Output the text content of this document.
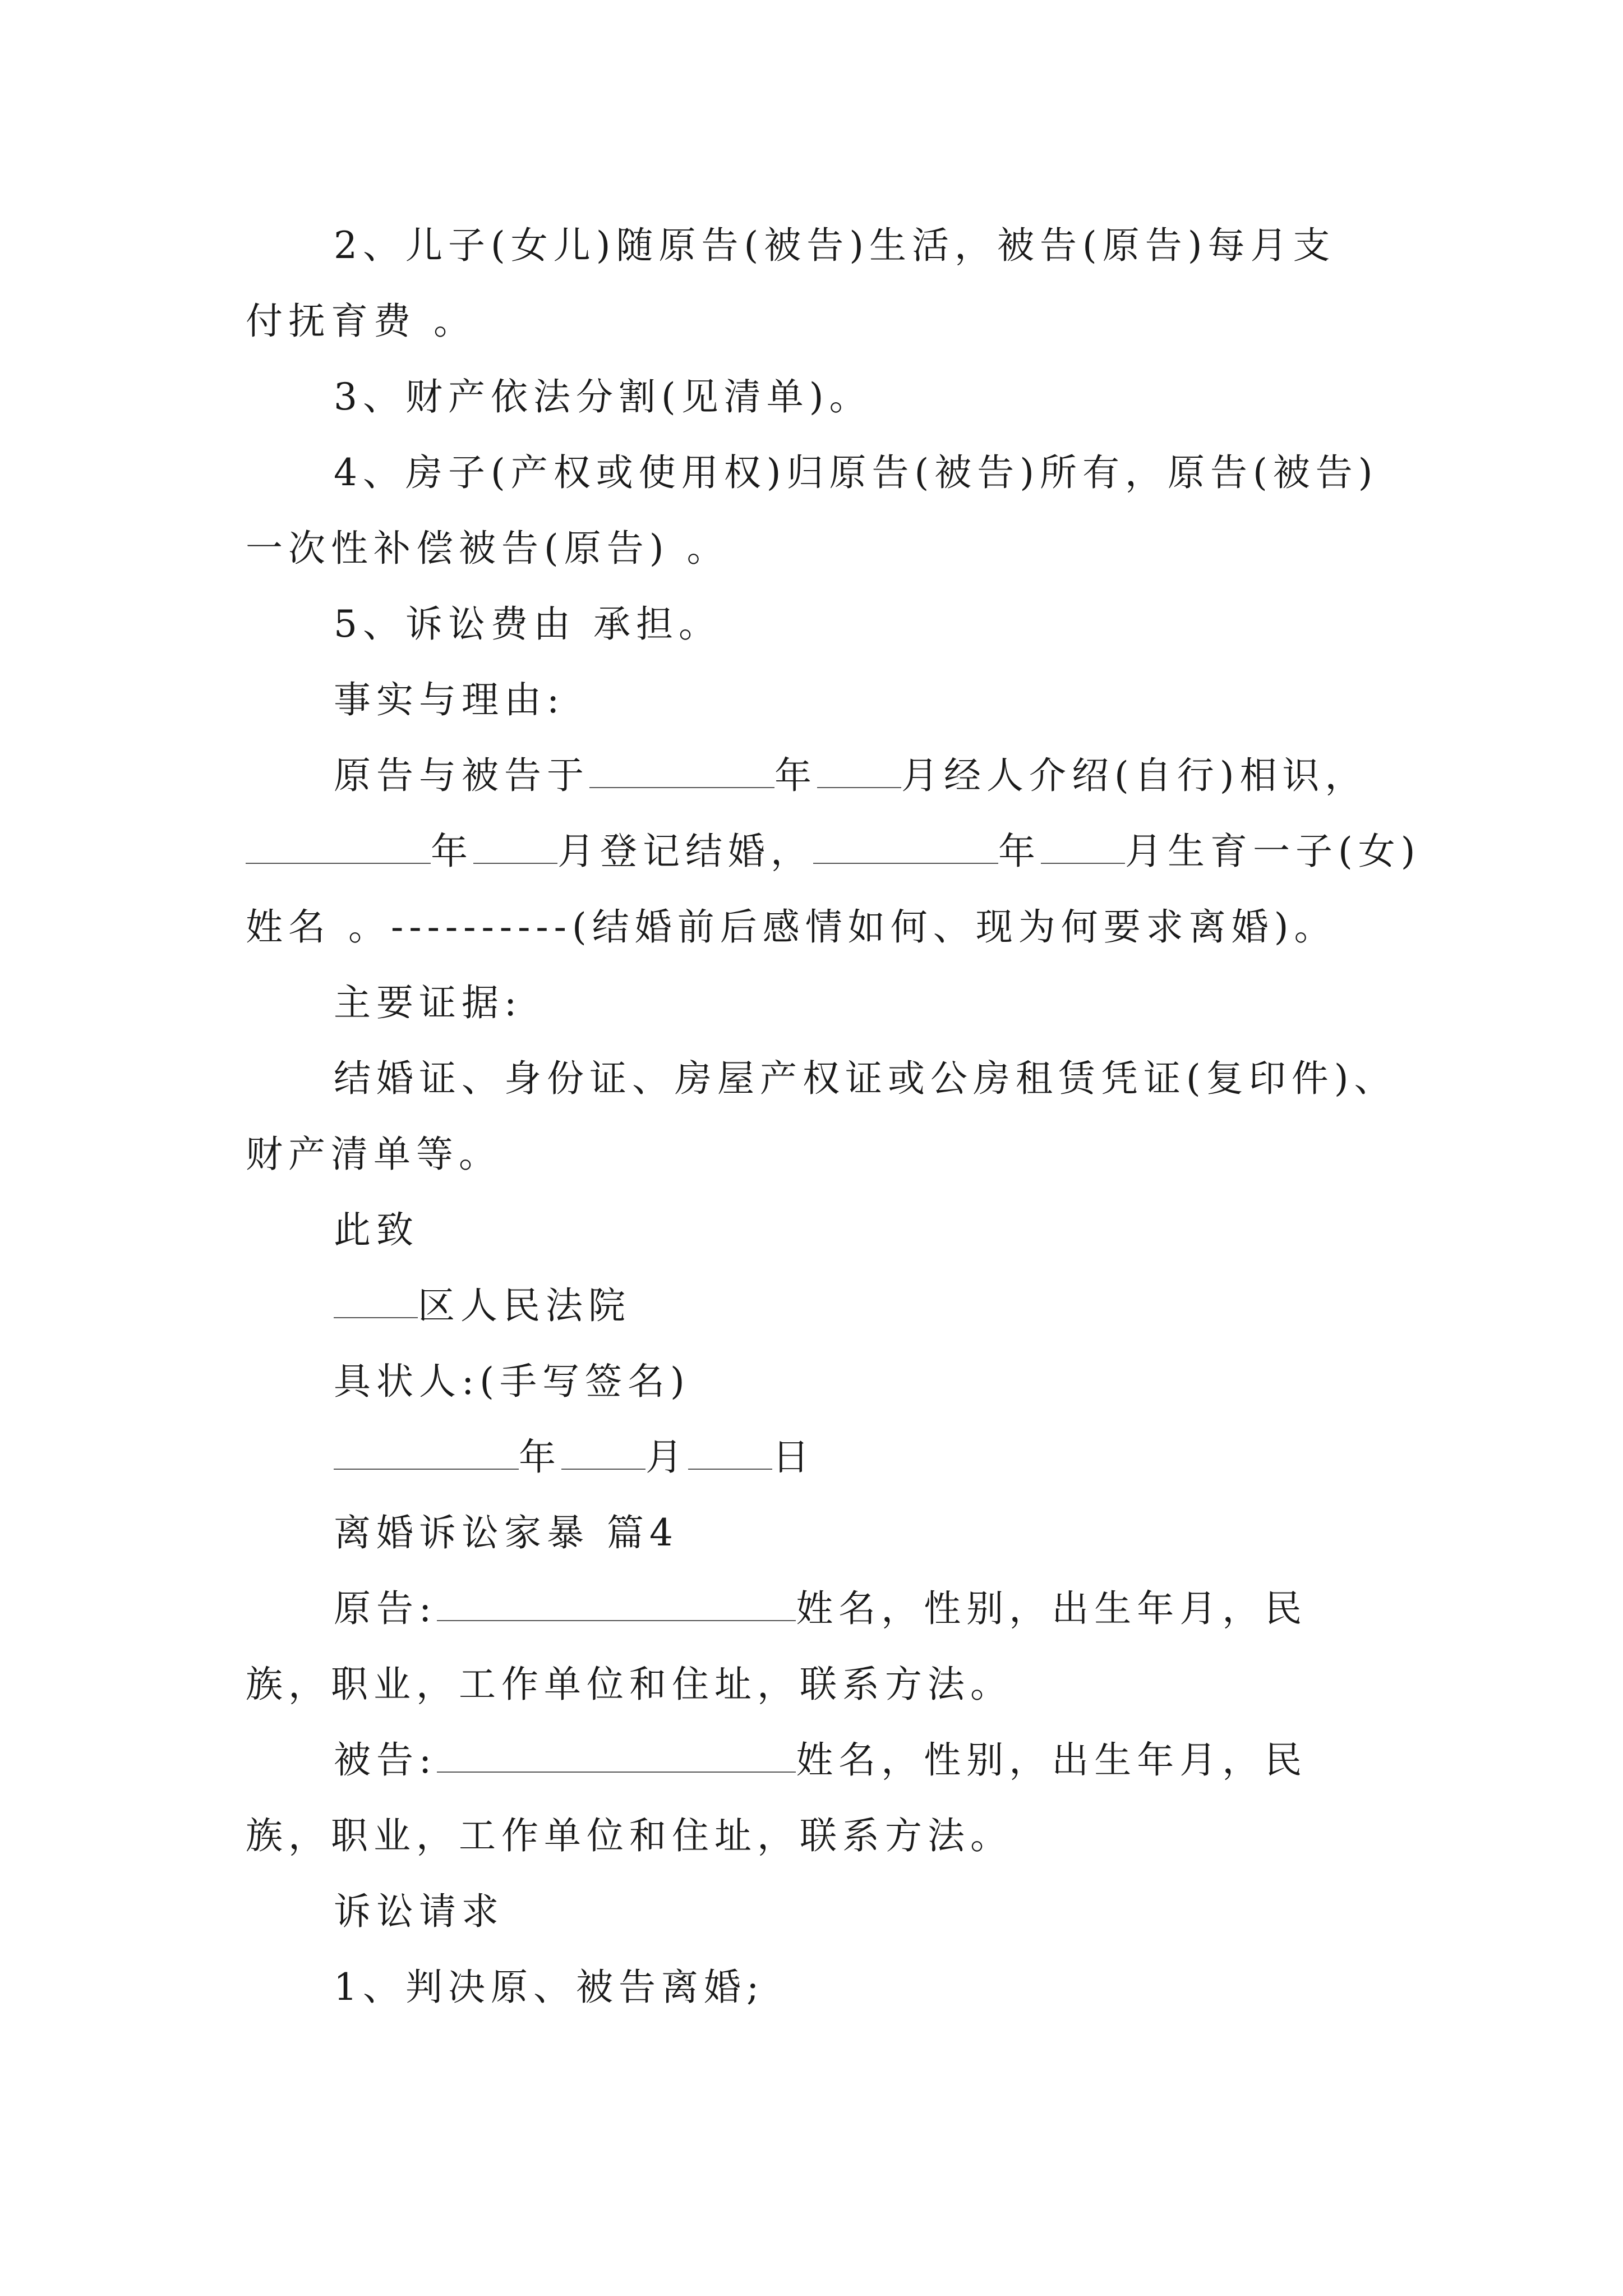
2、儿子(女儿)随原告(被告)生活，被告(原告)每月支
付抚育费 。
3、财产依法分割(见清单)。
4、房子(产权或使用权)归原告(被告)所有，原告(被告)
一次性补偿被告(原告) 。
5、诉讼费由 承担。
事实与理由:
原告与被告于	年 月经人介绍(自行)相识，
年 月登记结婚，	年 月生育一子(女)
姓名 。----------(结婚前后感情如何、现为何要求离婚)。
主要证据:
结婚证、身份证、房屋产权证或公房租赁凭证(复印件)、
财产清单等。
此致
区人民法院
具状人:(手写签名)
年 月 日
离婚诉讼家暴 篇4
原告:	姓名，性别，出生年月，民
族，职业，工作单位和住址，联系方法。
被告:	姓名，性别，出生年月，民
族，职业，工作单位和住址，联系方法。
诉讼请求
1、判决原、被告离婚;
